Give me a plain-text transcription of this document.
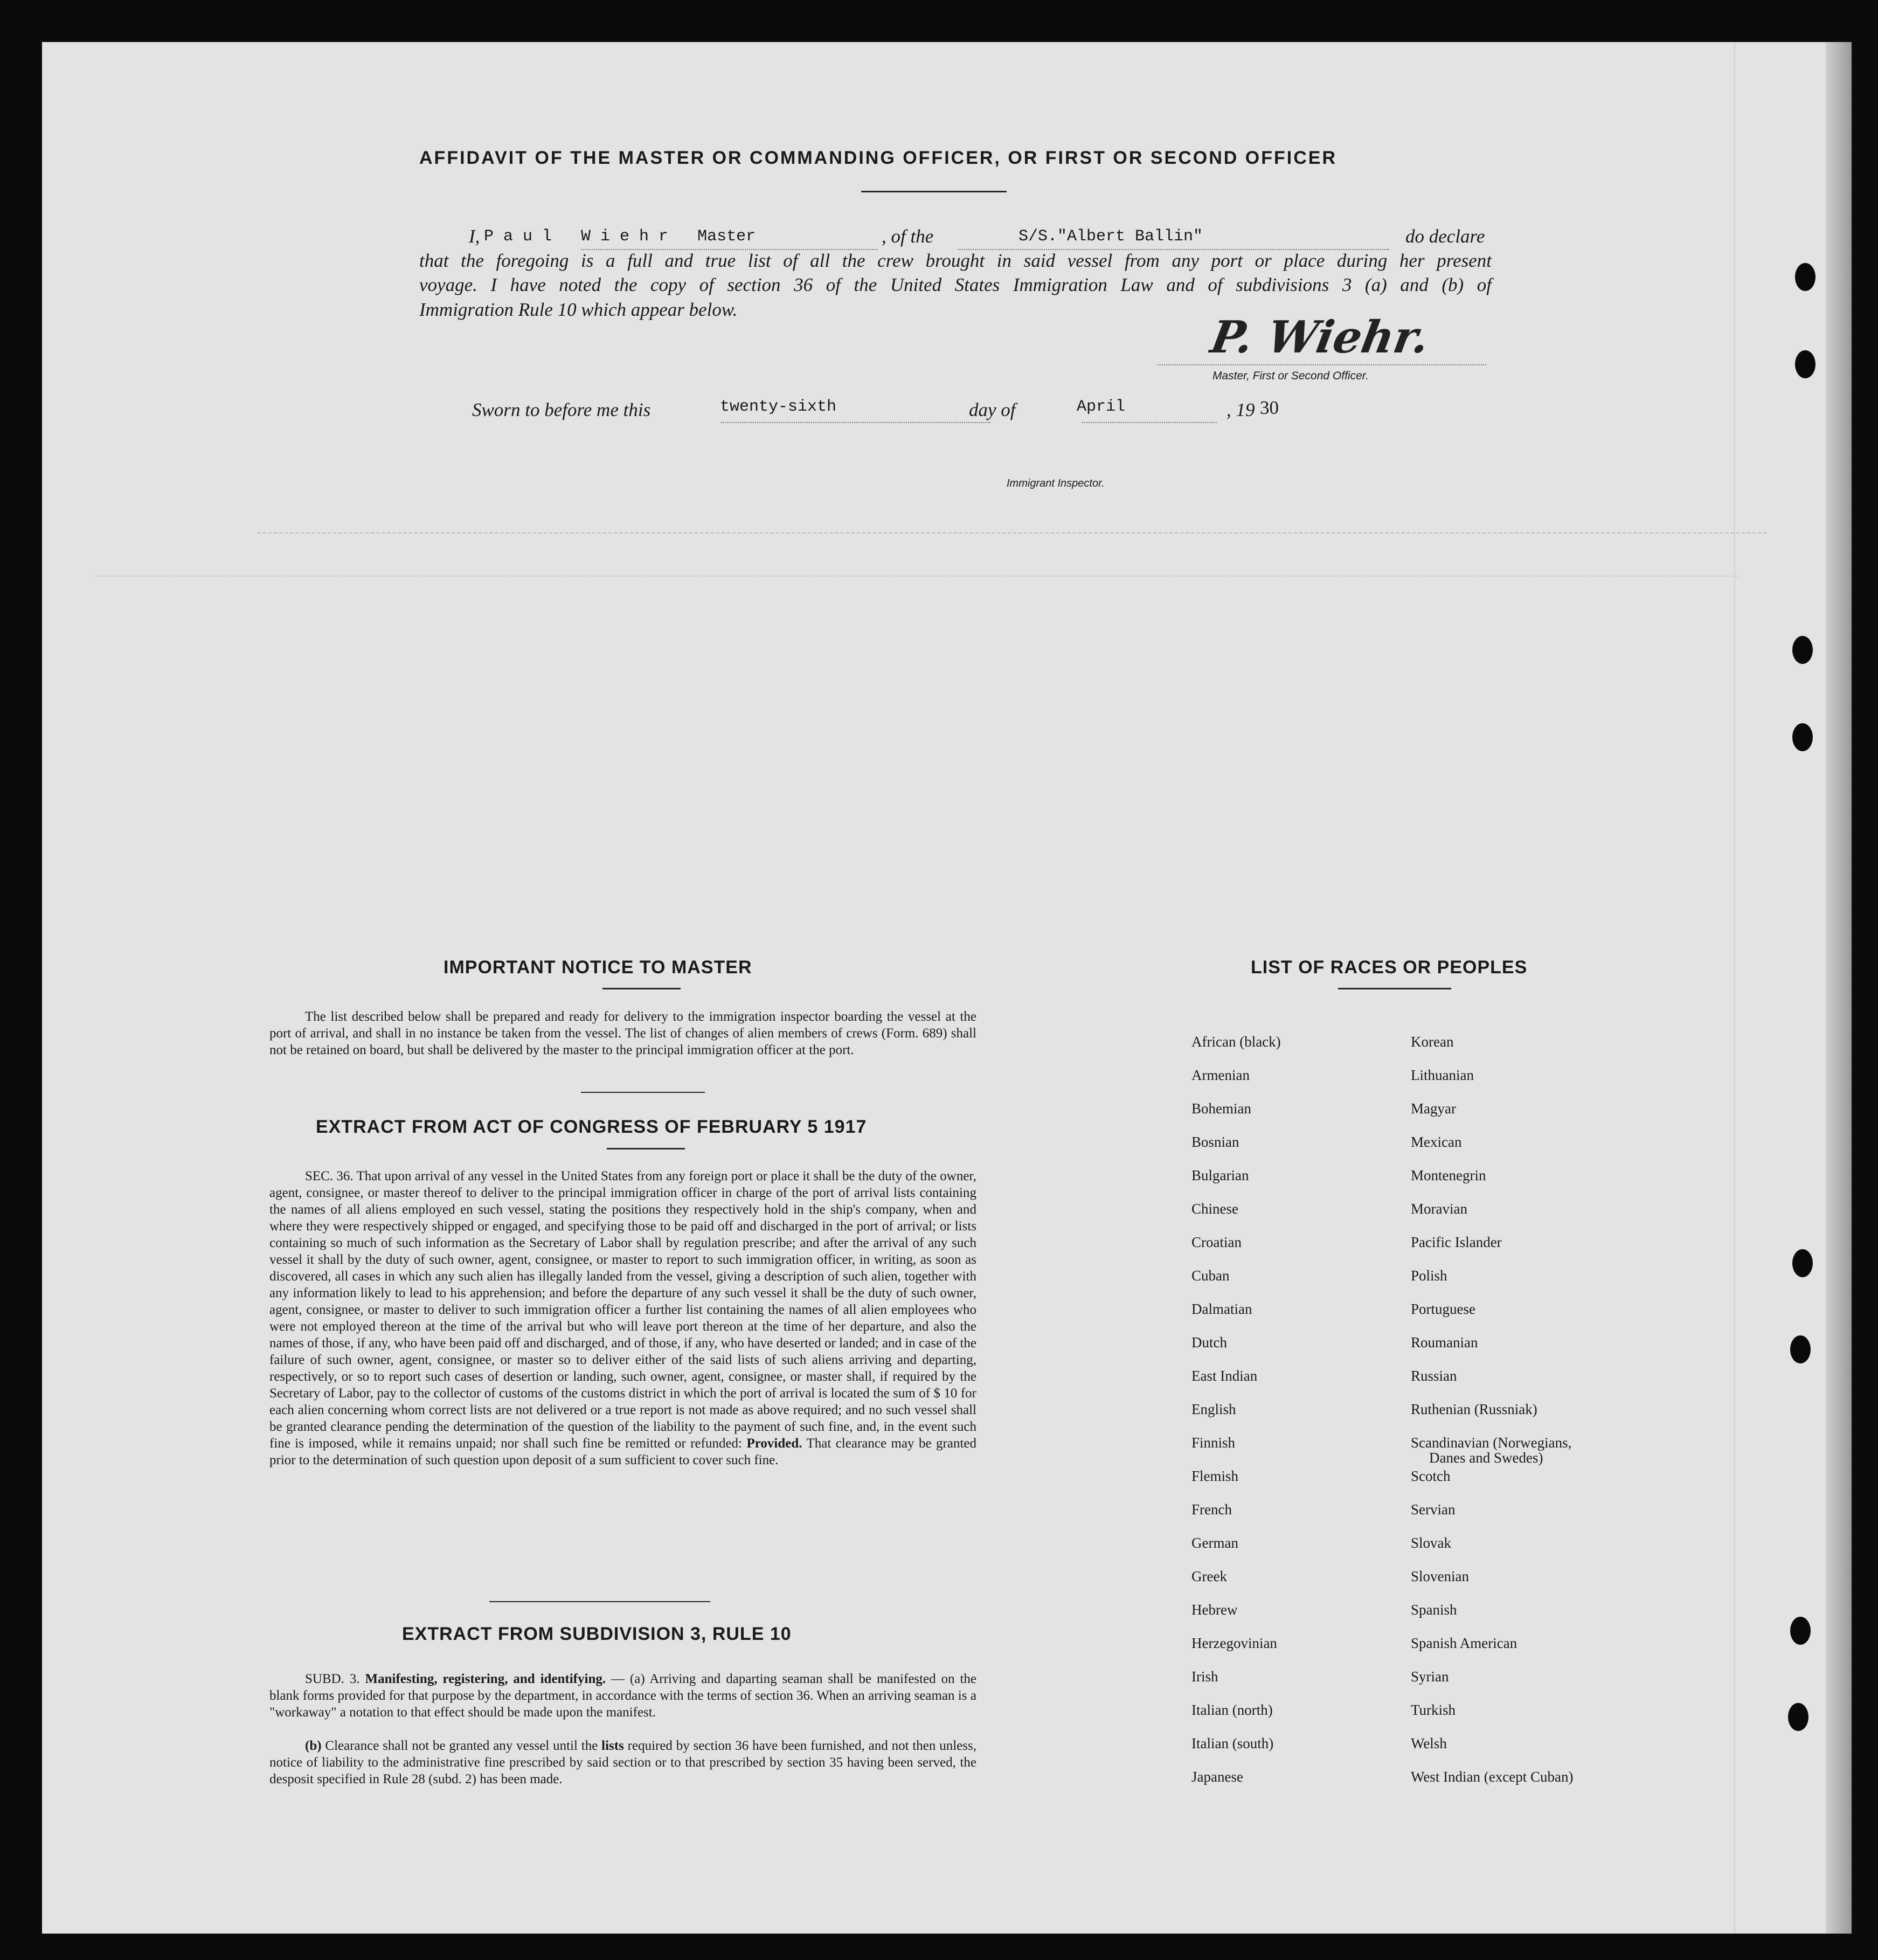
AFFIDAVIT OF THE MASTER OR COMMANDING OFFICER, OR FIRST OR SECOND OFFICER
I, P a u l   W i e h r   Master	, of the	S/S."Albert Ballin"	do declare
that the foregoing is a full and true list of all the crew brought in said vessel from any port or place during her present
voyage. I have noted the copy of section 36 of the United States Immigration Law and of subdivisions 3 (a) and (b) of
Immigration Rule 10 which appear below.
P. Wiehr.
Master, First or Second Officer.
Sworn to before me this	twenty-sixth	day of	April	, 19 30
Immigrant Inspector.
IMPORTANT NOTICE TO MASTER
The list described below shall be prepared and ready for delivery to the immigration inspector boarding the vessel at the port of arrival, and shall in no instance be taken from the vessel. The list of changes of alien members of crews (Form. 689) shall not be retained on board, but shall be delivered by the master to the principal immigration officer at the port.
EXTRACT FROM ACT OF CONGRESS OF FEBRUARY 5 1917
SEC. 36. That upon arrival of any vessel in the United States from any foreign port or place it shall be the duty of the owner, agent, consignee, or master thereof to deliver to the principal immigration officer in charge of the port of arrival lists containing the names of all aliens employed en such vessel, stating the positions they respectively hold in the ship's company, when and where they were respectively shipped or engaged, and specifying those to be paid off and discharged in the port of arrival; or lists containing so much of such information as the Secretary of Labor shall by regulation prescribe; and after the arrival of any such vessel it shall by the duty of such owner, agent, consignee, or master to report to such immigration officer, in writing, as soon as discovered, all cases in which any such alien has illegally landed from the vessel, giving a description of such alien, together with any information likely to lead to his apprehension; and before the departure of any such vessel it shall be the duty of such owner, agent, consignee, or master to deliver to such immigration officer a further list containing the names of all alien employees who were not employed thereon at the time of the arrival but who will leave port thereon at the time of her departure, and also the names of those, if any, who have been paid off and discharged, and of those, if any, who have deserted or landed; and in case of the failure of such owner, agent, consignee, or master so to deliver either of the said lists of such aliens arriving and departing, respectively, or so to report such cases of desertion or landing, such owner, agent, consignee, or master shall, if required by the Secretary of Labor, pay to the collector of customs of the customs district in which the port of arrival is located the sum of $ 10 for each alien concerning whom correct lists are not delivered or a true report is not made as above required; and no such vessel shall be granted clearance pending the determination of the question of the liability to the payment of such fine, and, in the event such fine is imposed, while it remains unpaid; nor shall such fine be remitted or refunded: Provided. That clearance may be granted prior to the determination of such question upon deposit of a sum sufficient to cover such fine.
EXTRACT FROM SUBDIVISION 3, RULE 10
SUBD. 3. Manifesting, registering, and identifying. — (a) Arriving and daparting seaman shall be manifested on the blank forms provided for that purpose by the department, in accordance with the terms of section 36. When an arriving seaman is a "workaway" a notation to that effect should be made upon the manifest.
(b) Clearance shall not be granted any vessel until the lists required by section 36 have been furnished, and not then unless, notice of liability to the administrative fine prescribed by said section or to that prescribed by section 35 having been served, the desposit specified in Rule 28 (subd. 2) has been made.
LIST OF RACES OR PEOPLES
African (black)
Armenian
Bohemian
Bosnian
Bulgarian
Chinese
Croatian
Cuban
Dalmatian
Dutch
East Indian
English
Finnish
Flemish
French
German
Greek
Hebrew
Herzegovinian
Irish
Italian (north)
Italian (south)
Japanese
Korean
Lithuanian
Magyar
Mexican
Montenegrin
Moravian
Pacific Islander
Polish
Portuguese
Roumanian
Russian
Ruthenian (Russniak)
Scandinavian (Norwegians,
Danes and Swedes)
Scotch
Servian
Slovak
Slovenian
Spanish
Spanish American
Syrian
Turkish
Welsh
West Indian (except Cuban)
